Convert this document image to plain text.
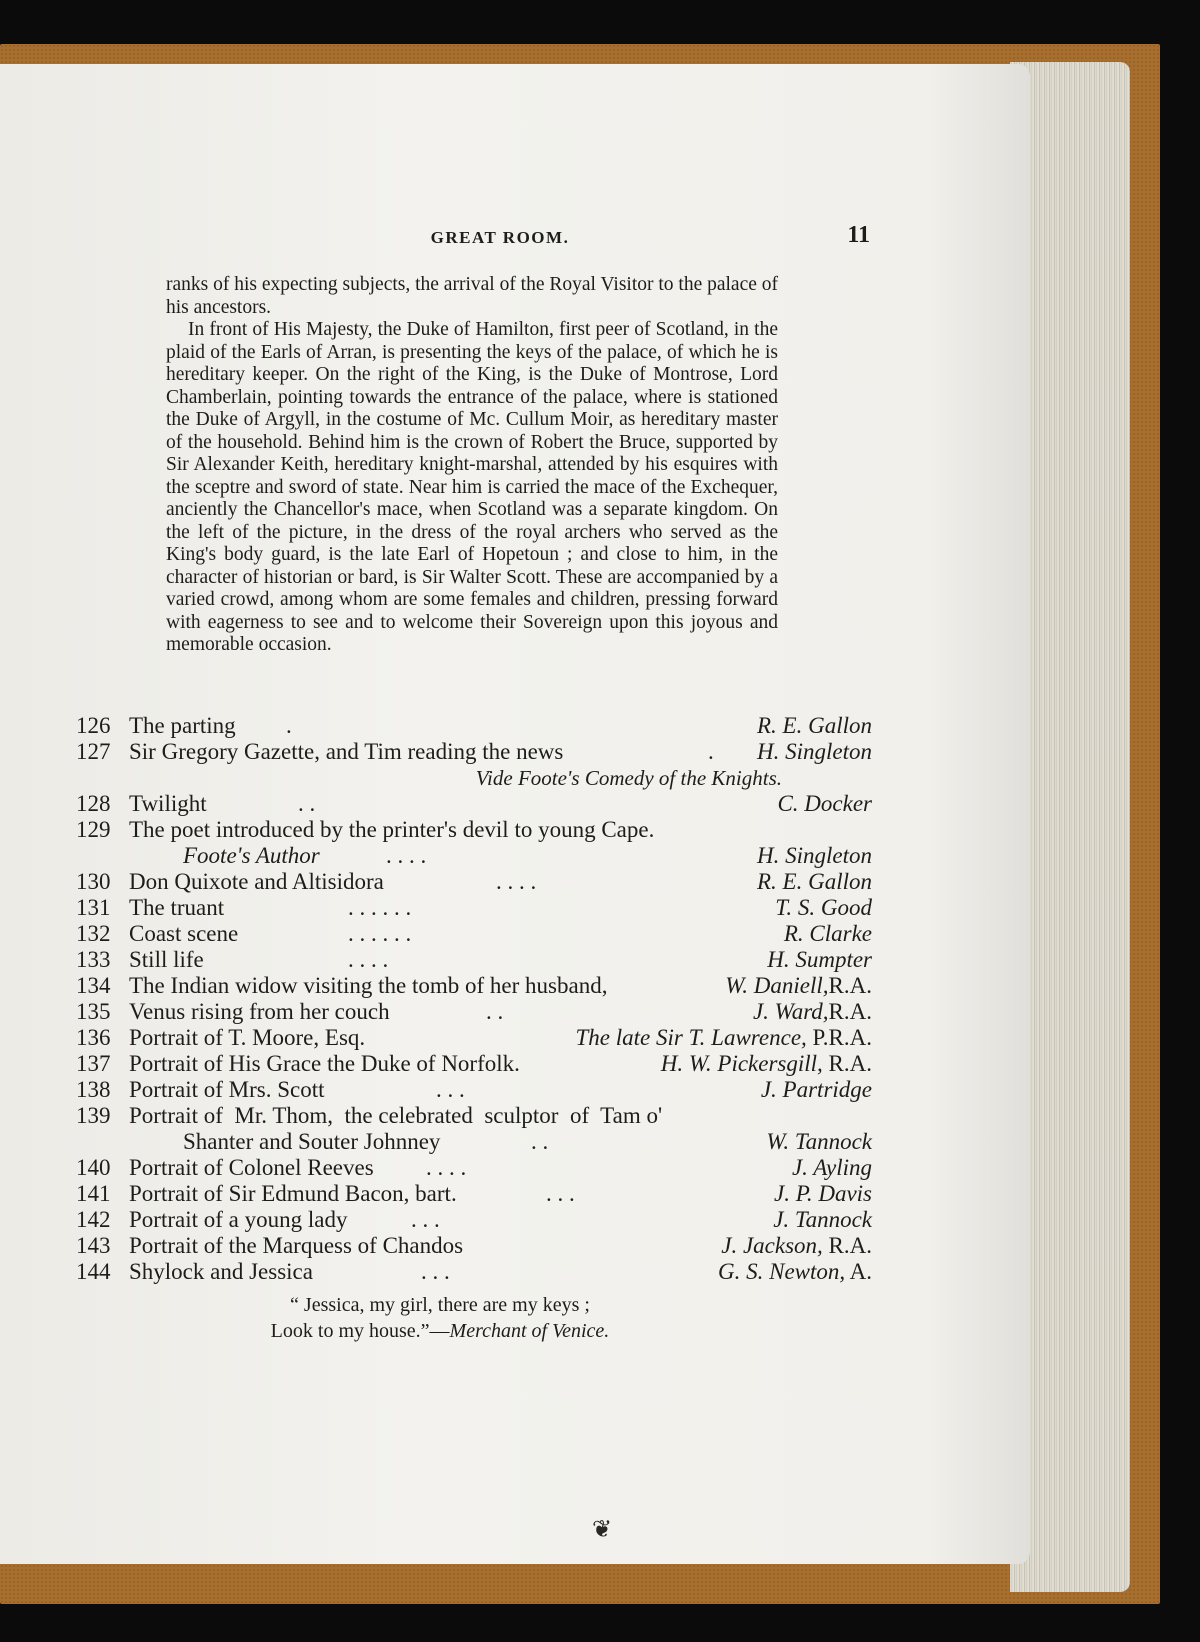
GREAT ROOM.	11

ranks of his expecting subjects, the arrival of the Royal Visitor to the palace of his ancestors.

In front of His Majesty, the Duke of Hamilton, first peer of Scotland, in the plaid of the Earls of Arran, is presenting the keys of the palace, of which he is hereditary keeper. On the right of the King, is the Duke of Montrose, Lord Chamberlain, pointing towards the entrance of the palace, where is stationed the Duke of Argyll, in the costume of Mc. Cullum Moir, as hereditary master of the household. Behind him is the crown of Robert the Bruce, supported by Sir Alexander Keith, hereditary knight-marshal, attended by his esquires with the sceptre and sword of state. Near him is carried the mace of the Exchequer, anciently the Chancellor's mace, when Scotland was a separate kingdom. On the left of the picture, in the dress of the royal archers who served as the King's body guard, is the late Earl of Hopetoun ; and close to him, in the character of historian or bard, is Sir Walter Scott. These are accompanied by a varied crowd, among whom are some females and children, pressing forward with eagerness to see and to welcome their Sovereign upon this joyous and memorable occasion.

126 The parting .	R. E. Gallon
127 Sir Gregory Gazette, and Tim reading the news	. H. Singleton
Vide Foote's Comedy of the Knights.
128 Twilight	. .	C. Docker
129 The poet introduced by the printer's devil to young Cape.
Foote's Author	. . . .	H. Singleton
130 Don Quixote and Altisidora	. . . .	R. E. Gallon
131 The truant	. . . . . .	T. S. Good
132 Coast scene	. . . . . .	R. Clarke
133 Still life	. . . .	H. Sumpter
134 The Indian widow visiting the tomb of her husband,	W. Daniell,R.A.
135 Venus rising from her couch	. .	J. Ward,R.A.
136 Portrait of T. Moore, Esq.	The late Sir T. Lawrence, P.R.A.
137 Portrait of His Grace the Duke of Norfolk.	H. W. Pickersgill, R.A.
138 Portrait of Mrs. Scott	. . .	J. Partridge
139 Portrait of  Mr. Thom,  the celebrated  sculptor  of  Tam o'
Shanter and Souter Johnney	. .	W. Tannock
140 Portrait of Colonel Reeves . . . .	J. Ayling
141 Portrait of Sir Edmund Bacon, bart.	. . .	J. P. Davis
142 Portrait of a young lady	. . .	J. Tannock
143 Portrait of the Marquess of Chandos	J. Jackson, R.A.
144 Shylock and Jessica	. . .	G. S. Newton, A.
“ Jessica, my girl, there are my keys ;
Look to my house.”—Merchant of Venice.
❦
